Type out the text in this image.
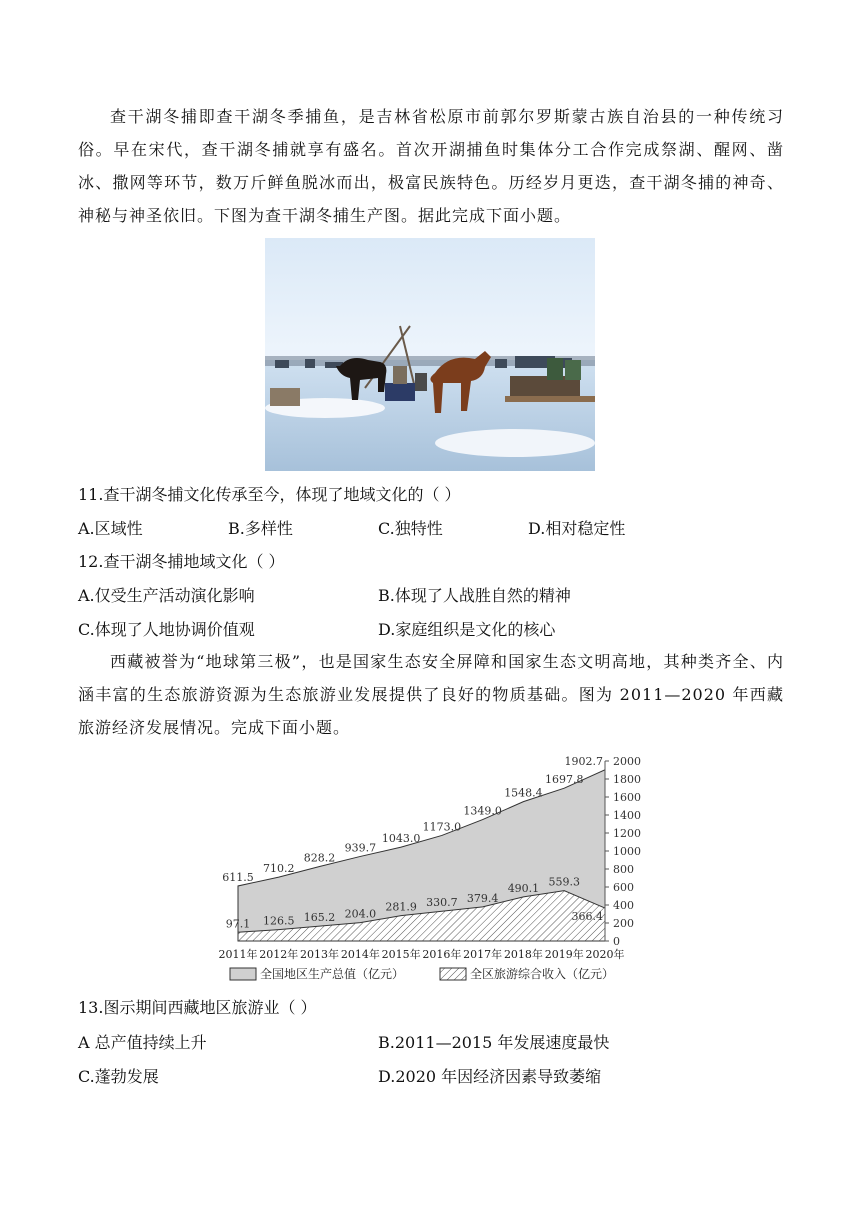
查干湖冬捕即查干湖冬季捕鱼，是吉林省松原市前郭尔罗斯蒙古族自治县的一种传统习俗。早在宋代，查干湖冬捕就享有盛名。首次开湖捕鱼时集体分工合作完成祭湖、醒网、凿冰、撒网等环节，数万斤鲜鱼脱冰而出，极富民族特色。历经岁月更迭，查干湖冬捕的神奇、神秘与神圣依旧。下图为查干湖冬捕生产图。据此完成下面小题。

11.查干湖冬捕文化传承至今，体现了地域文化的（ ）

A.区域性	B.多样性	C.独特性	D.相对稳定性

12.查干湖冬捕地域文化（ ）

A.仅受生产活动演化影响	B.体现了人战胜自然的精神
C.体现了人地协调价值观	D.家庭组织是文化的核心

西藏被誉为“地球第三极”，也是国家生态安全屏障和国家生态文明高地，其种类齐全、内涵丰富的生态旅游资源为生态旅游业发展提供了良好的物质基础。图为 2011—2020 年西藏旅游经济发展情况。完成下面小题。

0
200
400
600
800
1000
1200
1400
1600
1800
2000
2011年 2012年 2013年 2014年 2015年 2016年 2017年 2018年 2019年 2020年
611.5
710.2
828.2
939.7
1043.0
1173.0
1349.0
1548.4
1697.8
1902.7
97.1 126.5 165.2 204.0
281.9 330.7 379.4
490.1 559.3
366.4
全国地区生产总值（亿元）	全区旅游综合收入（亿元）

13.图示期间西藏地区旅游业（ ）

A 总产值持续上升	B.2011—2015 年发展速度最快
C.蓬勃发展	D.2020 年因经济因素导致萎缩
